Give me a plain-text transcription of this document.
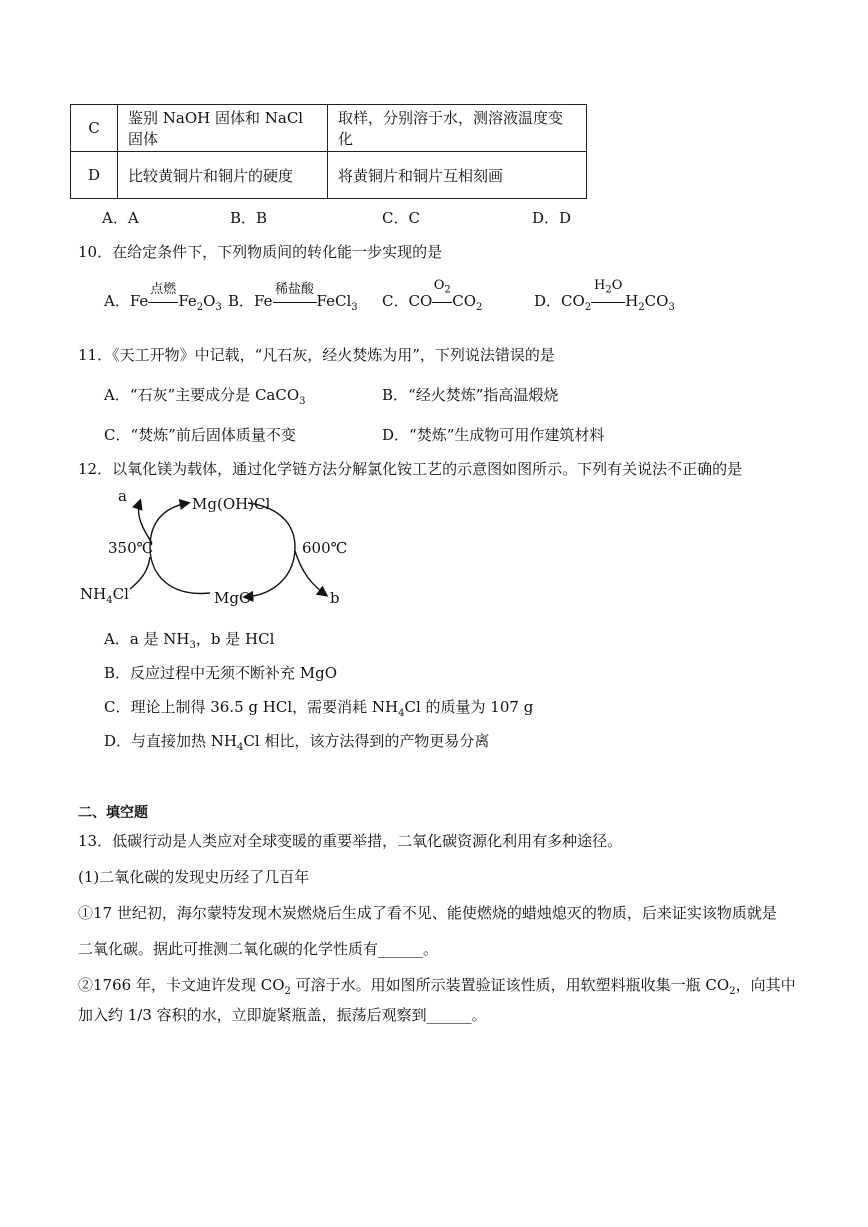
C	鉴别 NaOH 固体和 NaCl 固体	取样，分别溶于水，测溶液温度变化
D	比较黄铜片和铜片的硬度	将黄铜片和铜片互相刻画
A．A	B．B	C．C	D．D
10．在给定条件下，下列物质间的转化能一步实现的是
A．Fe
点燃
$Fe_2O_3$ B．Fe
稀盐酸
FeCl$_3$ C．CO
$O_2$
$CO_2$	D．$CO_2$
$H_2O$
$H_2CO_3$
11．《天工开物》中记载，“凡石灰，经火焚炼为用”，下列说法错误的是
A．“石灰”主要成分是 CaCO$_3$	B．“经火焚炼”指高温煅烧
C．“焚炼”前后固体质量不变	D．“焚炼”生成物可用作建筑材料
12．以氧化镁为载体，通过化学链方法分解氯化铵工艺的示意图如图所示。下列有关说法不正确的是
a	Mg(OH)Cl
350℃	600℃
$NH_4Cl$	MgO	b
A．a 是 $NH_3$，b 是 HCl
B．反应过程中无须不断补充 MgO
C．理论上制得 36.5 g HCl，需要消耗 $NH_4Cl$ 的质量为 107 g
D．与直接加热 $NH_4Cl$ 相比，该方法得到的产物更易分离
二、填空题
13．低碳行动是人类应对全球变暖的重要举措，二氧化碳资源化利用有多种途径。
(1)二氧化碳的发现史历经了几百年
①17 世纪初，海尔蒙特发现木炭燃烧后生成了看不见、能使燃烧的蜡烛熄灭的物质，后来证实该物质就是
二氧化碳。据此可推测二氧化碳的化学性质有______。
②1766 年，卡文迪许发现 $CO_2$ 可溶于水。用如图所示装置验证该性质，用软塑料瓶收集一瓶 $CO_2$，向其中
加入约 1/3 容积的水，立即旋紧瓶盖，振荡后观察到______。
